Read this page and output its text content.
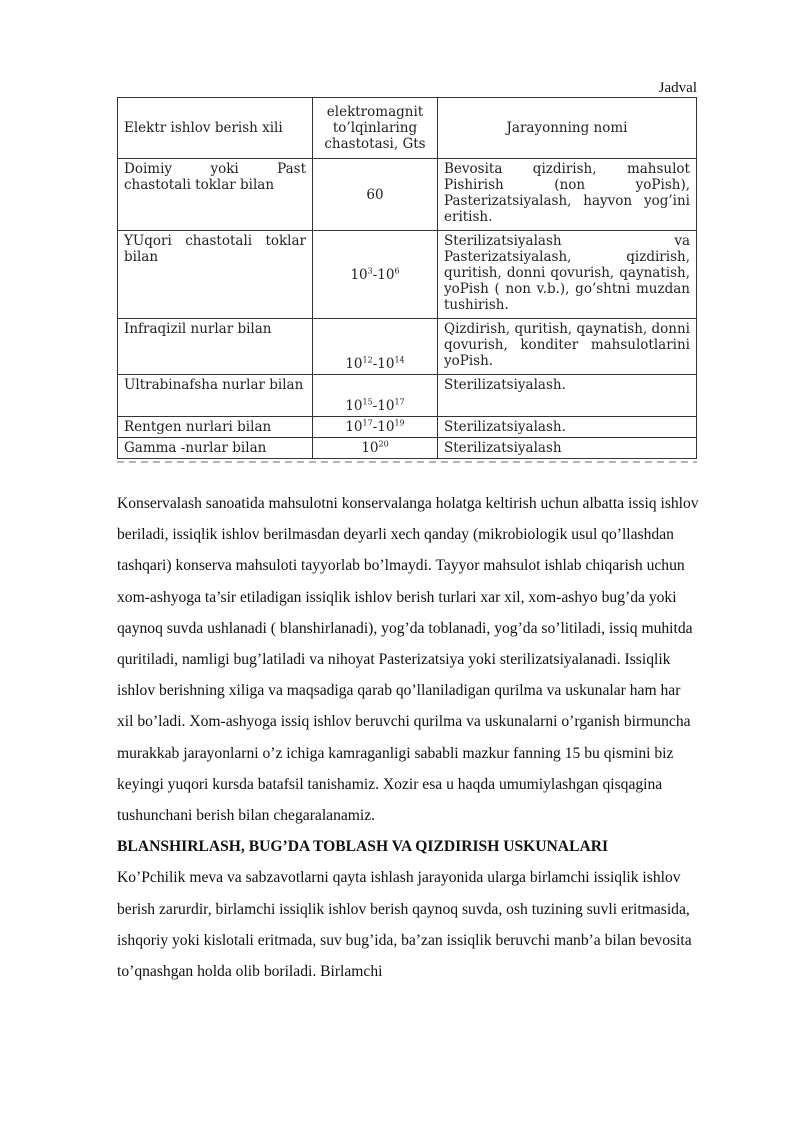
Jadval
Elektr ishlov berish xili	elektromagnit to’lqinlaring chastotasi, Gts	Jarayonning nomi
Doimiy yoki Past chastotali toklar bilan	60	Bevosita qizdirish, mahsulot Pishirish (non yoPish), Pasterizatsiyalash, hayvon yog’ini eritish.
YUqori chastotali toklar bilan	$10^3-10^6$	Sterilizatsiyalash va Pasterizatsiyalash, qizdirish, quritish, donni qovurish, qaynatish, yoPish ( non v.b.), go’shtni muzdan tushirish.
Infraqizil nurlar bilan	$10^{12}-10^{14}$	Qizdirish, quritish, qaynatish, donni qovurish, konditer mahsulotlarini yoPish.
Ultrabinafsha nurlar bilan	$10^{15}-10^{17}$	Sterilizatsiyalash.
Rentgen nurlari bilan	$10^{17}-10^{19}$	Sterilizatsiyalash.
Gamma -nurlar bilan	$10^{20}$	Sterilizatsiyalash

Konservalash sanoatida mahsulotni konservalanga holatga keltirish uchun albatta issiq ishlov beriladi, issiqlik ishlov berilmasdan deyarli xech qanday (mikrobiologik usul qo’llashdan tashqari) konserva mahsuloti tayyorlab bo’lmaydi. Tayyor mahsulot ishlab chiqarish uchun xom-ashyoga ta’sir etiladigan issiqlik ishlov berish turlari xar xil, xom-ashyo bug’da yoki qaynoq suvda ushlanadi ( blanshirlanadi), yog’da toblanadi, yog’da so’litiladi, issiq muhitda quritiladi, namligi bug’latiladi va nihoyat Pasterizatsiya yoki sterilizatsiyalanadi. Issiqlik ishlov berishning xiliga va maqsadiga qarab qo’llaniladigan qurilma va uskunalar ham har xil bo’ladi. Xom-ashyoga issiq ishlov beruvchi qurilma va uskunalarni o’rganish birmuncha murakkab jarayonlarni o’z ichiga kamraganligi sababli mazkur fanning 15 bu qismini biz keyingi yuqori kursda batafsil tanishamiz. Xozir esa u haqda umumiylashgan qisqagina tushunchani berish bilan chegaralanamiz.

BLANSHIRLASH, BUG’DA TOBLASH VA QIZDIRISH USKUNALARI

Ko’Pchilik meva va sabzavotlarni qayta ishlash jarayonida ularga birlamchi issiqlik ishlov berish zarurdir, birlamchi issiqlik ishlov berish qaynoq suvda, osh tuzining suvli eritmasida, ishqoriy yoki kislotali eritmada, suv bug’ida, ba’zan issiqlik beruvchi manb’a bilan bevosita to’qnashgan holda olib boriladi. Birlamchi
